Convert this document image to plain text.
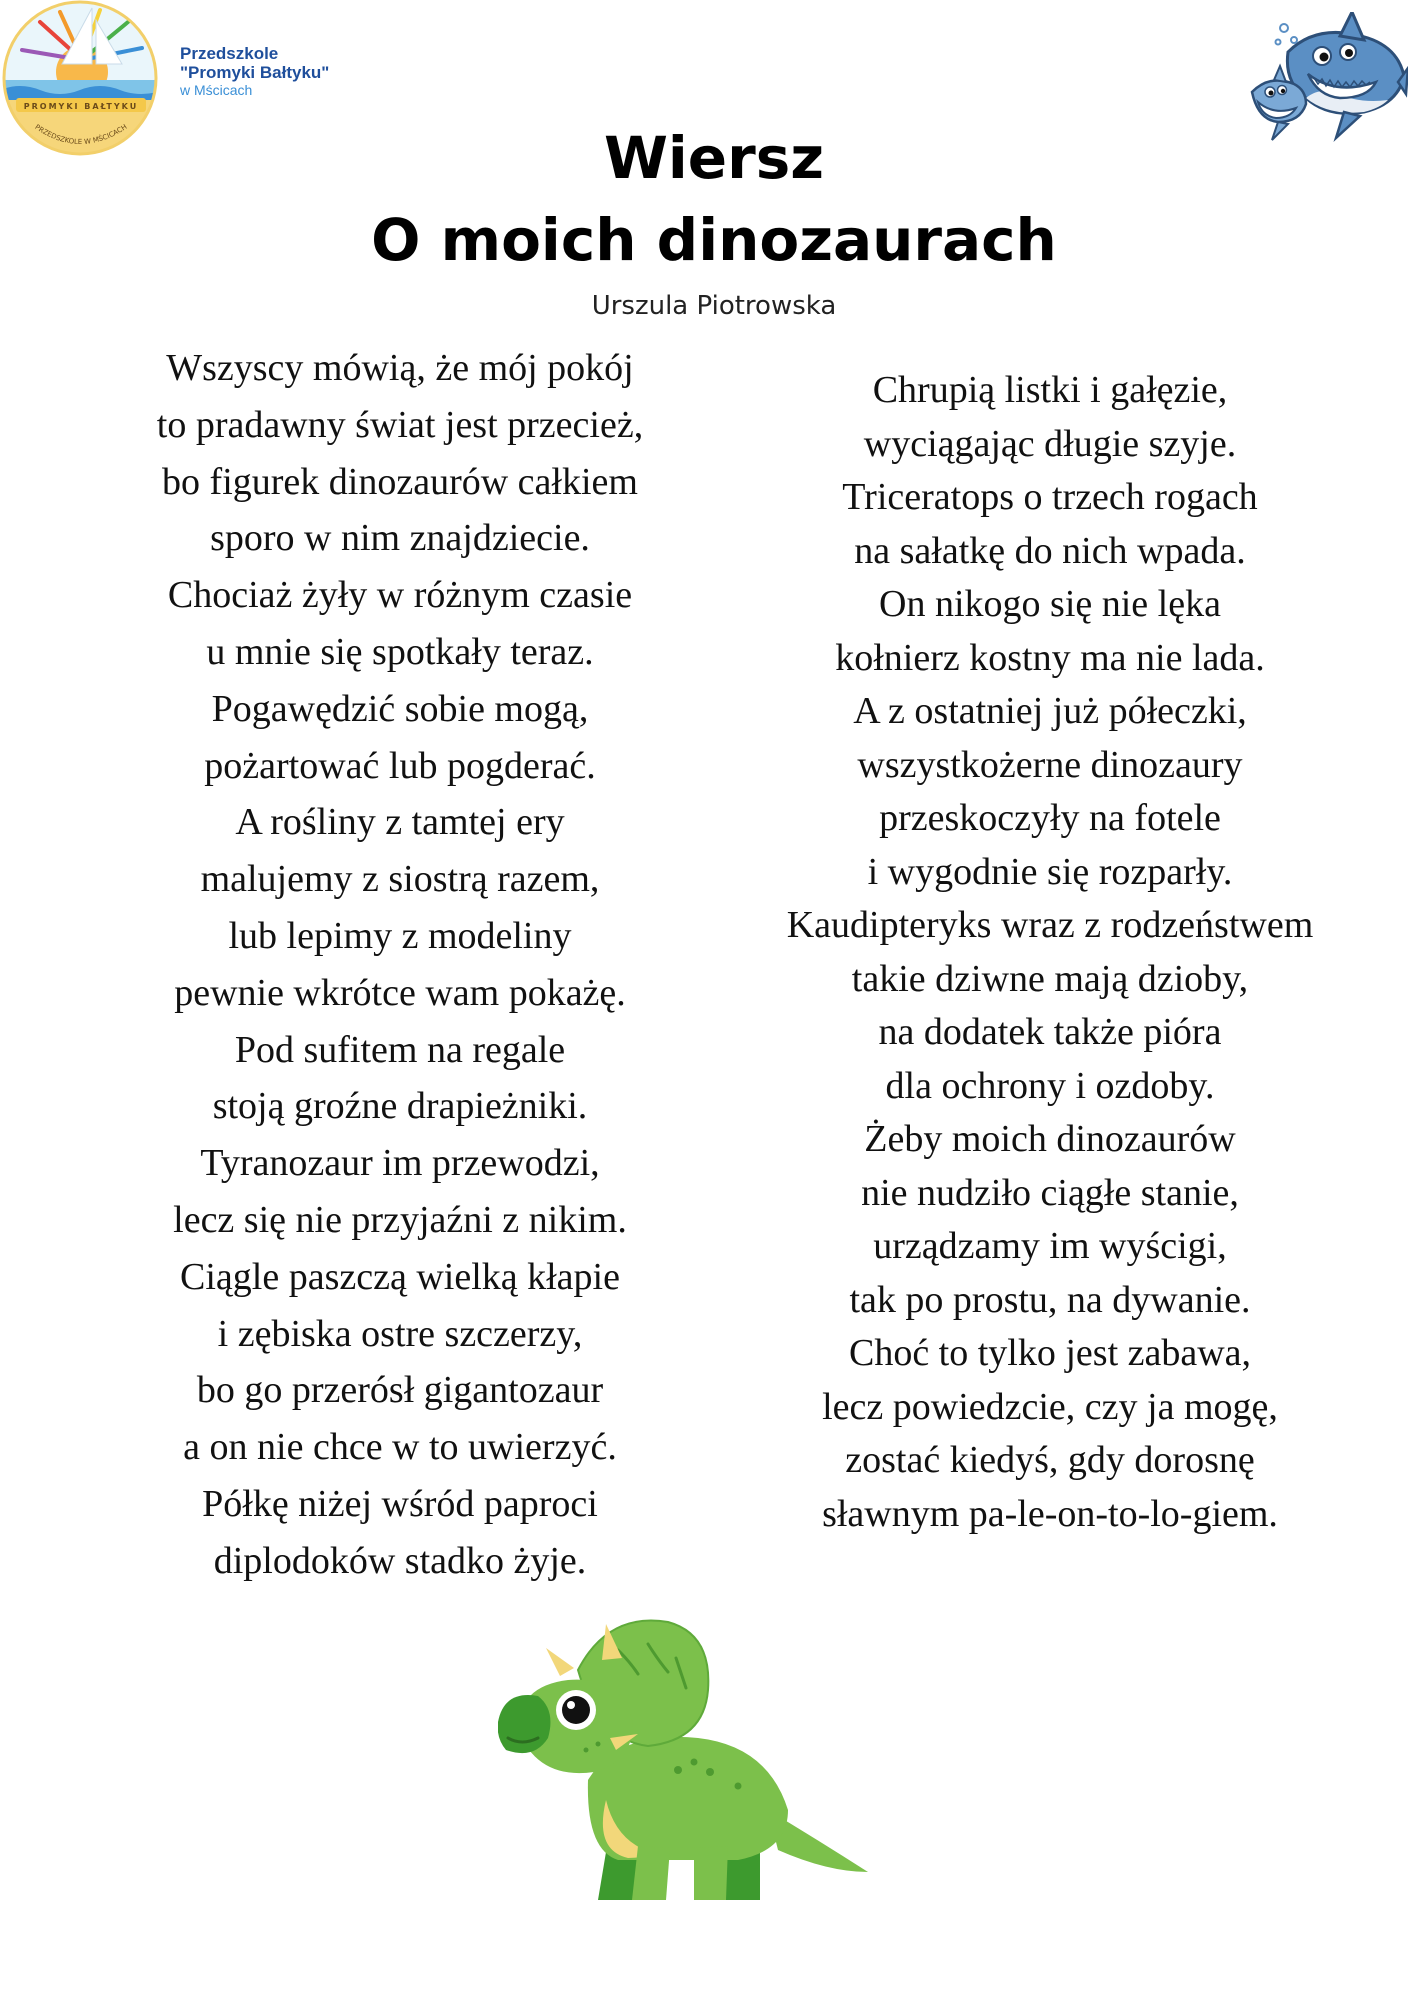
PROMYKI BAŁTYKU
PRZEDSZKOLE W MŚCICACH
Przedszkole
"Promyki Bałtyku"
w Mścicach
Wiersz
O moich dinozaurach
Urszula Piotrowska
Wszyscy mówią, że mój pokój
to pradawny świat jest przecież,
bo figurek dinozaurów całkiem
sporo w nim znajdziecie.
Chociaż żyły w różnym czasie
u mnie się spotkały teraz.
Pogawędzić sobie mogą,
pożartować lub pogderać.
A rośliny z tamtej ery
malujemy z siostrą razem,
lub lepimy z modeliny
pewnie wkrótce wam pokażę.
Pod sufitem na regale
stoją groźne drapieżniki.
Tyranozaur im przewodzi,
lecz się nie przyjaźni z nikim.
Ciągle paszczą wielką kłapie
i zębiska ostre szczerzy,
bo go przerósł gigantozaur
a on nie chce w to uwierzyć.
Półkę niżej wśród paproci
diplodoków stadko żyje.
Chrupią listki i gałęzie,
wyciągając długie szyje.
Triceratops o trzech rogach
na sałatkę do nich wpada.
On nikogo się nie lęka
kołnierz kostny ma nie lada.
A z ostatniej już półeczki,
wszystkożerne dinozaury
przeskoczyły na fotele
i wygodnie się rozparły.
Kaudipteryks wraz z rodzeństwem
takie dziwne mają dzioby,
na dodatek także pióra
dla ochrony i ozdoby.
Żeby moich dinozaurów
nie nudziło ciągłe stanie,
urządzamy im wyścigi,
tak po prostu, na dywanie.
Choć to tylko jest zabawa,
lecz powiedzcie, czy ja mogę,
zostać kiedyś, gdy dorosnę
sławnym pa-le-on-to-lo-giem.
